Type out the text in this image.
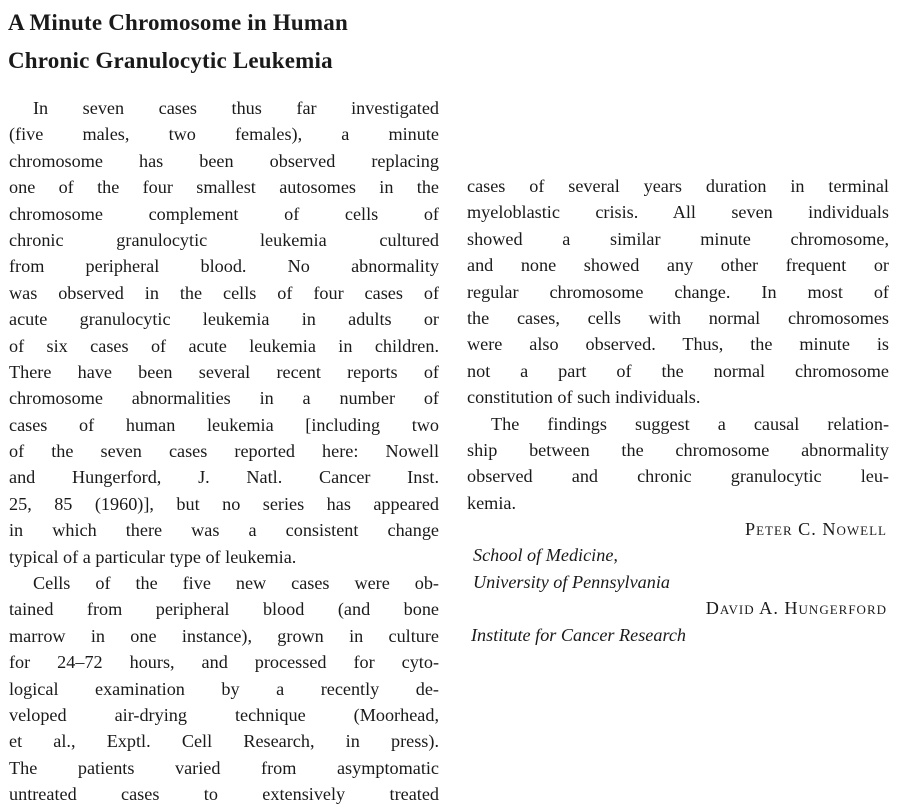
A Minute Chromosome in Human
Chronic Granulocytic Leukemia
In seven cases thus far investigated
(five males, two females), a minute
chromosome has been observed replacing
one of the four smallest autosomes in the
chromosome complement of cells of
chronic granulocytic leukemia cultured
from peripheral blood. No abnormality
was observed in the cells of four cases of
acute granulocytic leukemia in adults or
of six cases of acute leukemia in children.
There have been several recent reports of
chromosome abnormalities in a number of
cases of human leukemia [including two
of the seven cases reported here: Nowell
and Hungerford, J. Natl. Cancer Inst.
25, 85 (1960)], but no series has appeared
in which there was a consistent change
typical of a particular type of leukemia.
Cells of the five new cases were ob-
tained from peripheral blood (and bone
marrow in one instance), grown in culture
for 24–72 hours, and processed for cyto-
logical examination by a recently de-
veloped air-drying technique (Moorhead,
et al., Exptl. Cell Research, in press).
The patients varied from asymptomatic
untreated cases to extensively treated
cases of several years duration in terminal
myeloblastic crisis. All seven individuals
showed a similar minute chromosome,
and none showed any other frequent or
regular chromosome change. In most of
the cases, cells with normal chromosomes
were also observed. Thus, the minute is
not a part of the normal chromosome
constitution of such individuals.
The findings suggest a causal relation-
ship between the chromosome abnormality
observed and chronic granulocytic leu-
kemia.
Peter C. Nowell
School of Medicine,
University of Pennsylvania
David A. Hungerford
Institute for Cancer Research
